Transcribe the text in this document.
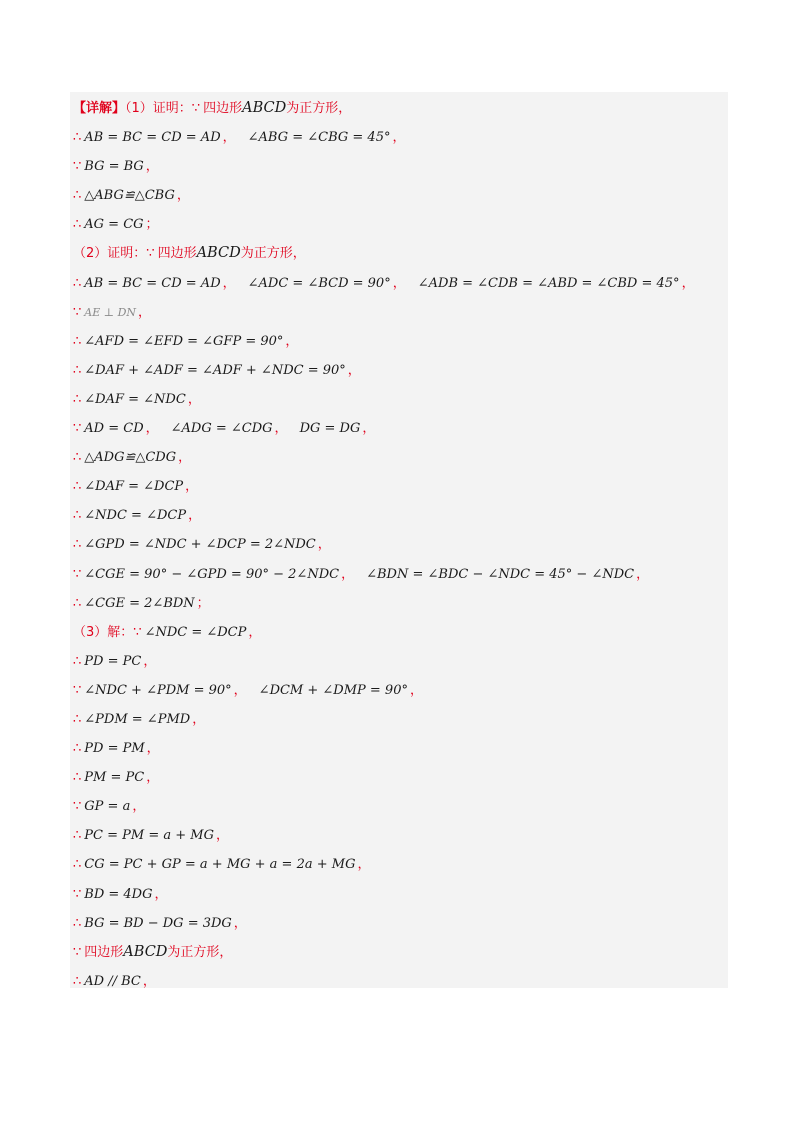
【详解】（1）证明：∵ 四边形ABCD为正方形，
∴ AB = BC = CD = AD ， ∠ABG = ∠CBG = 45° ，
∵ BG = BG ，
∴ △ABG≌△CBG ，
∴ AG = CG ；
（2）证明：∵ 四边形ABCD为正方形，
∴ AB = BC = CD = AD ， ∠ADC = ∠BCD = 90° ， ∠ADB = ∠CDB = ∠ABD = ∠CBD = 45° ，
∵ AE ⊥ DN ，
∴ ∠AFD = ∠EFD = ∠GFP = 90° ，
∴ ∠DAF + ∠ADF = ∠ADF + ∠NDC = 90° ，
∴ ∠DAF = ∠NDC ，
∵ AD = CD ， ∠ADG = ∠CDG ， DG = DG ，
∴ △ADG≌△CDG ，
∴ ∠DAF = ∠DCP ，
∴ ∠NDC = ∠DCP ，
∴ ∠GPD = ∠NDC + ∠DCP = 2∠NDC ，
∵ ∠CGE = 90° − ∠GPD = 90° − 2∠NDC ， ∠BDN = ∠BDC − ∠NDC = 45° − ∠NDC ，
∴ ∠CGE = 2∠BDN ；
（3）解：∵ ∠NDC = ∠DCP ，
∴ PD = PC ，
∵ ∠NDC + ∠PDM = 90° ， ∠DCM + ∠DMP = 90° ，
∴ ∠PDM = ∠PMD ，
∴ PD = PM ，
∴ PM = PC ，
∵ GP = a ，
∴ PC = PM = a + MG ，
∴ CG = PC + GP = a + MG + a = 2a + MG ，
∵ BD = 4DG ，
∴ BG = BD − DG = 3DG ，
∵ 四边形ABCD为正方形，
∴ AD // BC ，
